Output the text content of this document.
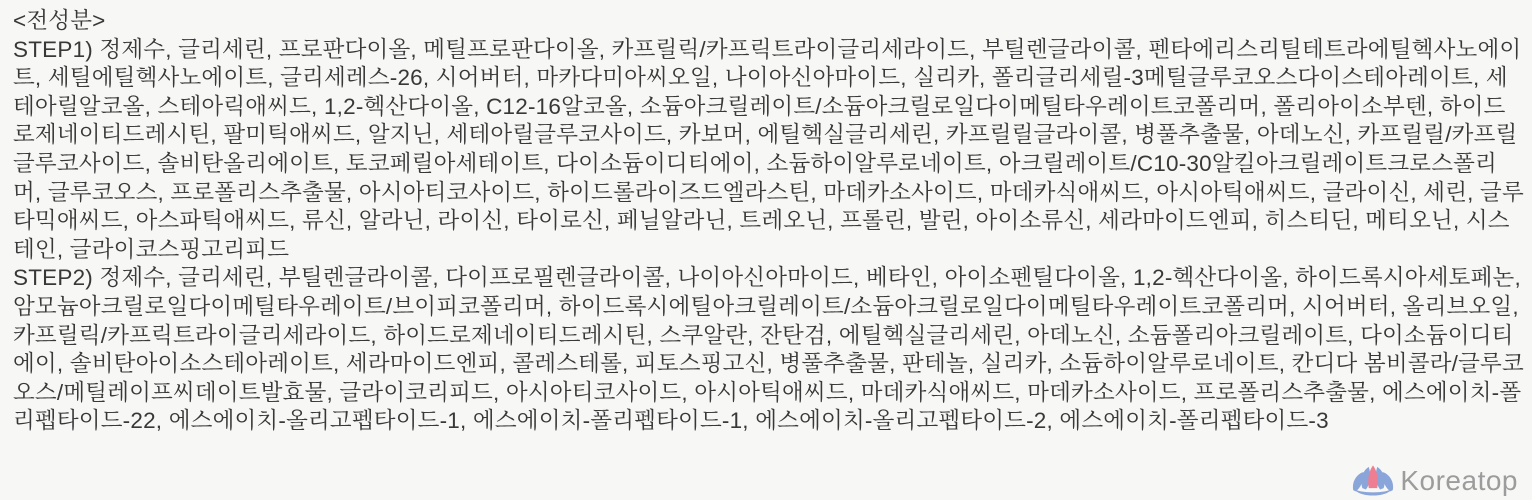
<전성분>
STEP1) 정제수, 글리세린, 프로판다이올, 메틸프로판다이올, 카프릴릭/카프릭트라이글리세라이드, 부틸렌글라이콜, 펜타에리스리틸테트라에틸헥사노에이트, 세틸에틸헥사노에이트, 글리세레스-26, 시어버터, 마카다미아씨오일, 나이아신아마이드, 실리카, 폴리글리세릴-3메틸글루코오스다이스테아레이트, 세테아릴알코올, 스테아릭애씨드, 1,2-헥산다이올, C12-16알코올, 소듐아크릴레이트/소듐아크릴로일다이메틸타우레이트코폴리머, 폴리아이소부텐, 하이드로제네이티드레시틴, 팔미틱애씨드, 알지닌, 세테아릴글루코사이드, 카보머, 에틸헥실글리세린, 카프릴릴글라이콜, 병풀추출물, 아데노신, 카프릴릴/카프릴글루코사이드, 솔비탄올리에이트, 토코페릴아세테이트, 다이소듐이디티에이, 소듐하이알루로네이트, 아크릴레이트/C10-30알킬아크릴레이트크로스폴리머, 글루코오스, 프로폴리스추출물, 아시아티코사이드, 하이드롤라이즈드엘라스틴, 마데카소사이드, 마데카식애씨드, 아시아틱애씨드, 글라이신, 세린, 글루타믹애씨드, 아스파틱애씨드, 류신, 알라닌, 라이신, 타이로신, 페닐알라닌, 트레오닌, 프롤린, 발린, 아이소류신, 세라마이드엔피, 히스티딘, 메티오닌, 시스테인, 글라이코스핑고리피드
STEP2) 정제수, 글리세린, 부틸렌글라이콜, 다이프로필렌글라이콜, 나이아신아마이드, 베타인, 아이소펜틸다이올, 1,2-헥산다이올, 하이드록시아세토페논, 암모늄아크릴로일다이메틸타우레이트/브이피코폴리머, 하이드록시에틸아크릴레이트/소듐아크릴로일다이메틸타우레이트코폴리머, 시어버터, 올리브오일, 카프릴릭/카프릭트라이글리세라이드, 하이드로제네이티드레시틴, 스쿠알란, 잔탄검, 에틸헥실글리세린, 아데노신, 소듐폴리아크릴레이트, 다이소듐이디티에이, 솔비탄아이소스테아레이트, 세라마이드엔피, 콜레스테롤, 피토스핑고신, 병풀추출물, 판테놀, 실리카, 소듐하이알루로네이트, 칸디다 봄비콜라/글루코오스/메틸레이프씨데이트발효물, 글라이코리피드, 아시아티코사이드, 아시아틱애씨드, 마데카식애씨드, 마데카소사이드, 프로폴리스추출물, 에스에이치-폴리펩타이드-22, 에스에이치-올리고펩타이드-1, 에스에이치-폴리펩타이드-1, 에스에이치-올리고펩타이드-2, 에스에이치-폴리펩타이드-3
Koreatop
